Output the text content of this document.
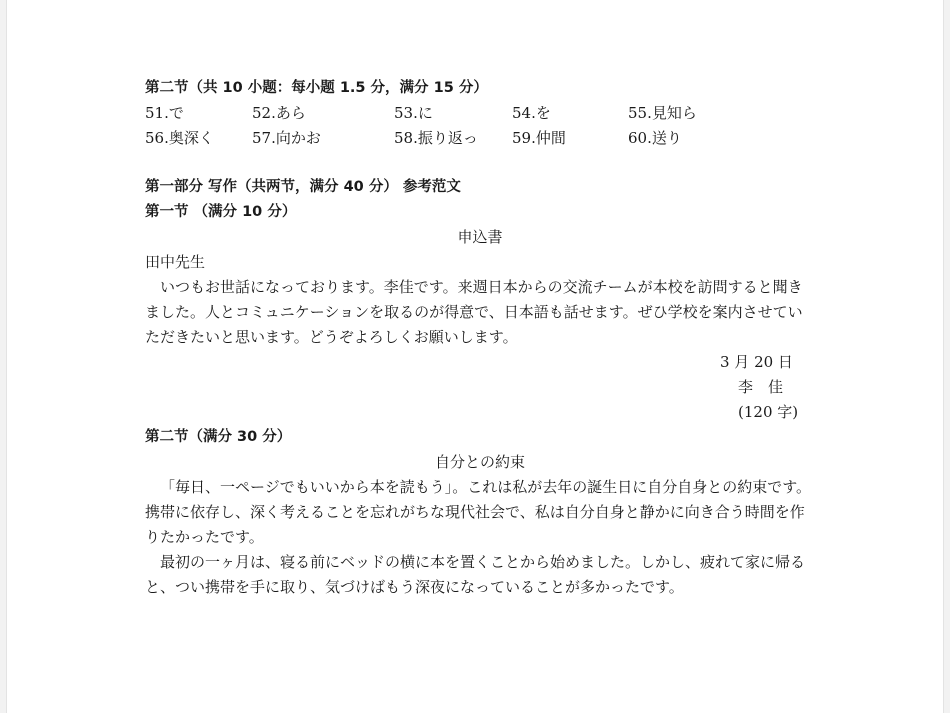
第二节（共 10 小题：每小题 1.5 分，满分 15 分）
51.で	52.あら	53.に	54.を	55.見知ら
56.奥深く	57.向かお	58.振り返っ 59.仲間	60.送り
第一部分 写作（共两节，满分 40 分） 参考范文
第一节 （满分 10 分）
申込書
田中先生

いつもお世話になっております。李佳です。来週日本からの交流チームが本校を訪問すると聞きました。人とコミュニケーションを取るのが得意で、日本語も話せます。ぜひ学校を案内させていただきたいと思います。どうぞよろしくお願いします。

3 月 20 日
李　佳
(120 字)
第二节（满分 30 分）
自分との約束

「毎日、一ページでもいいから本を読もう」。これは私が去年の誕生日に自分自身との約束です。携帯に依存し、深く考えることを忘れがちな現代社会で、私は自分自身と静かに向き合う時間を作りたかったです。

最初の一ヶ月は、寝る前にベッドの横に本を置くことから始めました。しかし、疲れて家に帰ると、つい携帯を手に取り、気づけばもう深夜になっていることが多かったです。
